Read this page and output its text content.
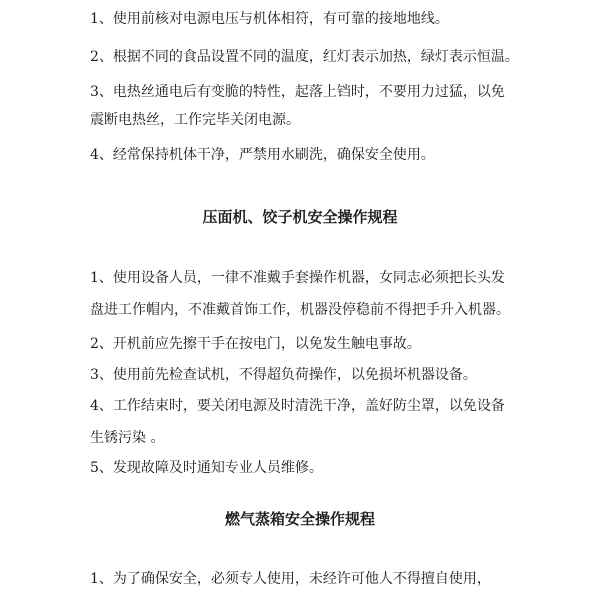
1、使用前核对电源电压与机体相符，有可靠的接地地线。
2、根据不同的食品设置不同的温度，红灯表示加热，绿灯表示恒温。
3、电热丝通电后有变脆的特性，起落上铛时，不要用力过猛，以免
震断电热丝，工作完毕关闭电源。
4、经常保持机体干净，严禁用水刷洗，确保安全使用。
压面机、饺子机安全操作规程
1、使用设备人员，一律不准戴手套操作机器，女同志必须把长头发
盘进工作帽内，不准戴首饰工作，机器没停稳前不得把手升入机器。
2、开机前应先擦干手在按电门，以免发生触电事故。
3、使用前先检查试机，不得超负荷操作，以免损坏机器设备。
4、工作结束时，要关闭电源及时清洗干净，盖好防尘罩，以免设备
生锈污染 。
5、发现故障及时通知专业人员维修。
燃气蒸箱安全操作规程
1、为了确保安全，必须专人使用，未经许可他人不得擅自使用，
